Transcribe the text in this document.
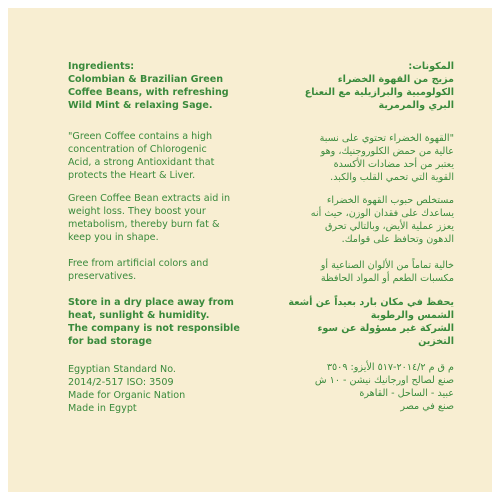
Ingredients:

Colombian & Brazilian Green
Coffee Beans, with refreshing
Wild Mint & relaxing Sage.

"Green Coffee contains a high
concentration of Chlorogenic
Acid, a strong Antioxidant that
protects the Heart & Liver.

Green Coffee Bean extracts aid in
weight loss. They boost your
metabolism, thereby burn fat &
keep you in shape.

Free from artificial colors and
preservatives.

Store in a dry place away from
heat, sunlight & humidity.
The company is not responsible
for bad storage

Egyptian Standard No.
2014/2-517 ISO: 3509
Made for Organic Nation
Made in Egypt

المكونات:

مزيج من القهوة الخضراء
الكولومبية والبرازيلية مع النعناع
البري والمرمرية

"القهوة الخضراء تحتوي على نسبة
عالية من حمض الكلوروجنيك، وهو
يعتبر من أحد مضادات الأكسدة
القوية التي تحمي القلب والكبد.

مستخلص حبوب القهوة الخضراء
يساعدك على فقدان الوزن، حيث أنه
يعزز عملية الأيض، وبالتالي تحرق
الدهون وتحافظ على قوامك.

خالية تماماً من الألوان الصناعية أو
مكسبات الطعم أو المواد الحافظة

يحفظ في مكان بارد بعيداً عن أشعة
الشمس والرطوبة
الشركة غير مسؤولة عن سوء
التخزين

م ق م ٢٠١٤/٢-٥١٧ الأيزو: ٣٥٠٩
صنع لصالح اورجانيك نيشن - ١٠ ش
عبيد - الساحل - القاهرة
صنع في مصر
